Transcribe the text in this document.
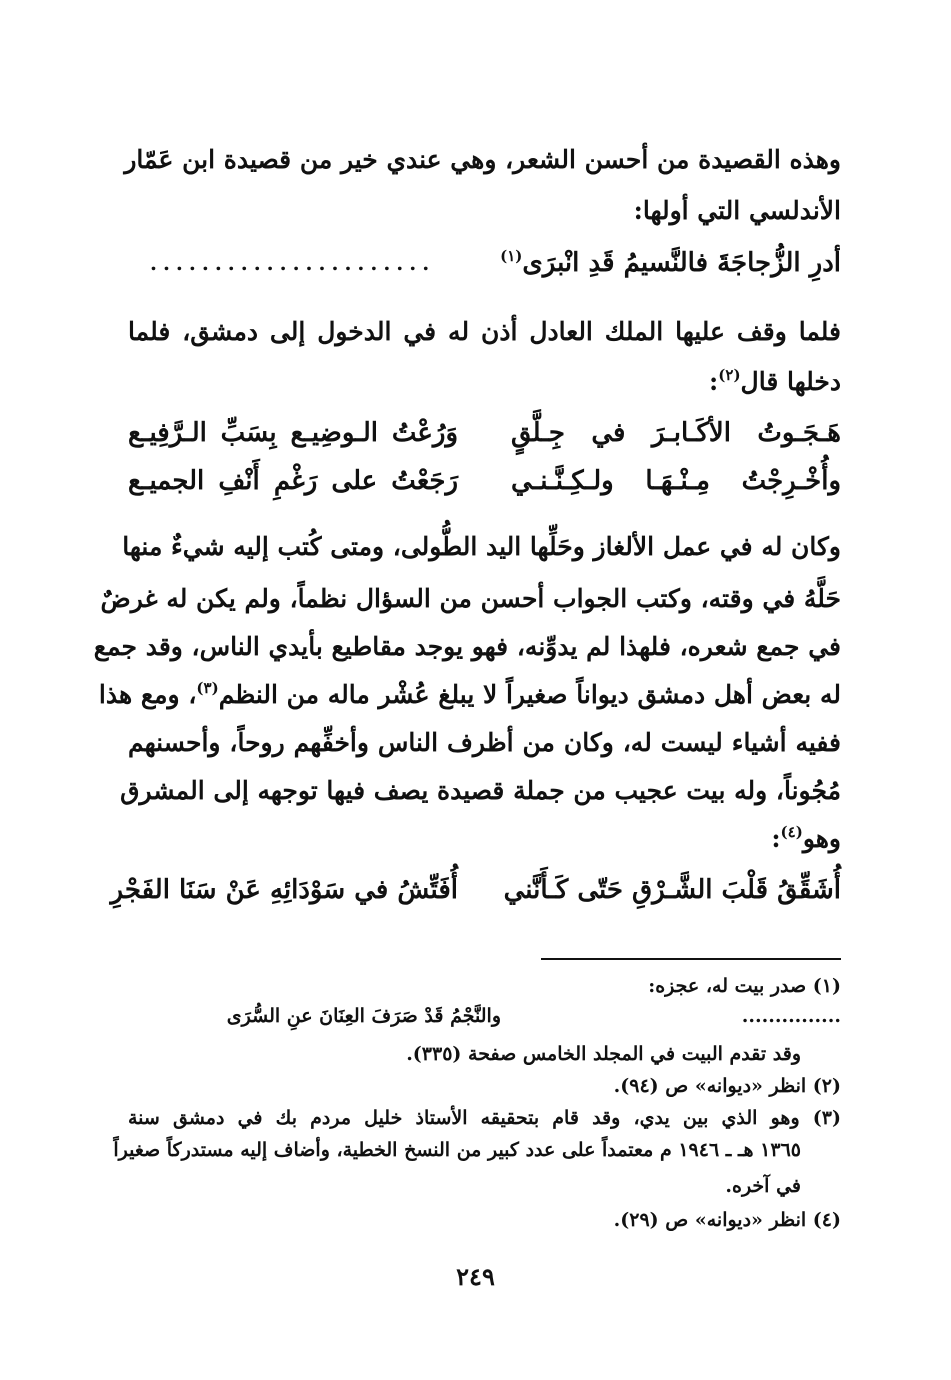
وهذه القصيدة من أحسن الشعر، وهي عندي خير من قصيدة ابن عَمّار
الأندلسي التي أولها:
أدرِ الزُّجاجَةَ فالنَّسيمُ قَدِ انْبرَى$^{(١)}$
......................
فلما وقف عليها الملك العادل أذن له في الدخول إلى دمشق، فلما
دخلها قال$^{(٢)}$:
هَـجَـوتُ الأكَـابـرَ في جِـلَّقٍ
وَرُعْتُ الـوضِيـع بِسَبِّ الـرَّفِيـع
وأُخْـرِجْتُ مِـنْـهَـا ولـكِـنَّـنـي
رَجَعْتُ على رَغْمِ أَنْفِ الجميـع
وكان له في عمل الألغاز وحَلِّها اليد الطُّولى، ومتى كُتب إليه شيءٌ منها
حَلَّهُ في وقته، وكتب الجواب أحسن من السؤال نظماً، ولم يكن له غرضٌ
في جمع شعره، فلهذا لم يدوِّنه، فهو يوجد مقاطيع بأيدي الناس، وقد جمع
له بعض أهل دمشق ديواناً صغيراً لا يبلغ عُشْر ماله من النظم$^{(٣)}$، ومع هذا
ففيه أشياء ليست له، وكان من أظرف الناس وأخفِّهم روحاً، وأحسنهم
مُجُوناً، وله بيت عجيب من جملة قصيدة يصف فيها توجهه إلى المشرق
وهو$^{(٤)}$:
أُشَقِّقُ قَلْبَ الشَّـرْقِ حَتّى كَـأَنَّني
أُفَتِّشُ في سَوْدَائِهِ عَنْ سَنَا الفَجْرِ
(١) صدر بيت له، عجزه:
...............
والنَّجْمُ قَدْ صَرَفَ العِنَانَ عنِ السُّرَى
وقد تقدم البيت في المجلد الخامس صفحة (٣٣٥).
(٢) انظر «ديوانه» ص (٩٤).
(٣) وهو الذي بين يدي، وقد قام بتحقيقه الأستاذ خليل مردم بك في دمشق سنة
١٣٦٥ هـ ـ ١٩٤٦ م معتمداً على عدد كبير من النسخ الخطية، وأضاف إليه مستدركاً صغيراً
في آخره.
(٤) انظر «ديوانه» ص (٢٩).
٢٤٩
